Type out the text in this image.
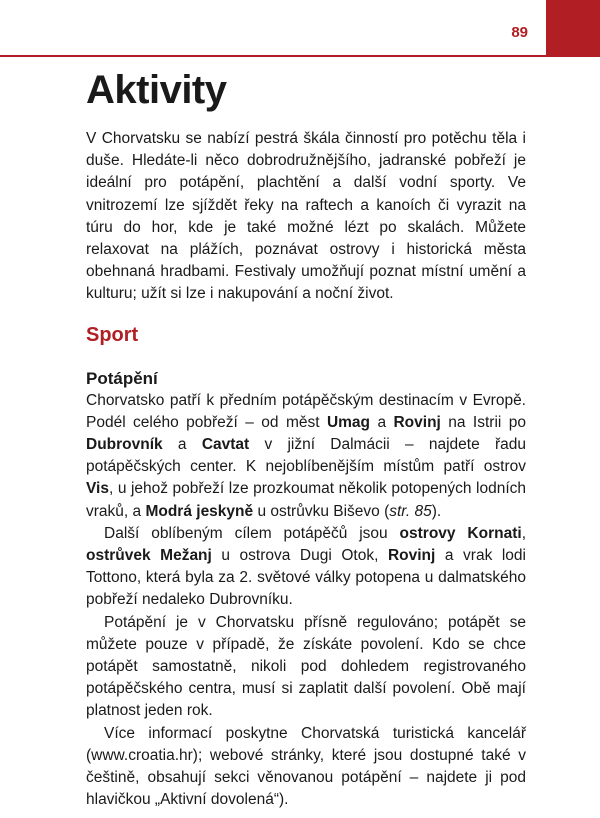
89
Aktivity

V Chorvatsku se nabízí pestrá škála činností pro potěchu těla i duše. Hledáte-li něco dobrodružnějšího, jadranské pobřeží je ideální pro potápění, plachtění a další vodní sporty. Ve vnitrozemí lze sjíždět řeky na raftech a kanoích či vyrazit na túru do hor, kde je také možné lézt po skalách. Můžete relaxovat na plážích, poznávat ostrovy i historická města obehnaná hradbami. Festivaly umožňují poznat místní umění a kulturu; užít si lze i nakupování a noční život.

Sport
Potápění

Chorvatsko patří k předním potápěčským destinacím v Evropě. Podél celého pobřeží – od měst Umag a Rovinj na Istrii po Dubrovník a Cavtat v jižní Dalmácii – najdete řadu potápěčských center. K nejoblíbenějším místům patří ostrov Vis, u jehož pobřeží lze prozkoumat několik potopených lodních vraků, a Modrá jeskyně u ostrůvku Biševo (str. 85).

Další oblíbeným cílem potápěčů jsou ostrovy Kornati, ostrůvek Mežanj u ostrova Dugi Otok, Rovinj a vrak lodi Tottono, která byla za 2. světové války potopena u dalmatského pobřeží nedaleko Dubrovníku.

Potápění je v Chorvatsku přísně regulováno; potápět se můžete pouze v případě, že získáte povolení. Kdo se chce potápět samostatně, nikoli pod dohledem registrovaného potápěčského centra, musí si zaplatit další povolení. Obě mají platnost jeden rok.

Více informací poskytne Chorvatská turistická kancelář (www.croatia.hr); webové stránky, které jsou dostupné také v češtině, obsahují sekci věnovanou potápění – najdete ji pod hlavičkou „Aktivní dovolená“).
